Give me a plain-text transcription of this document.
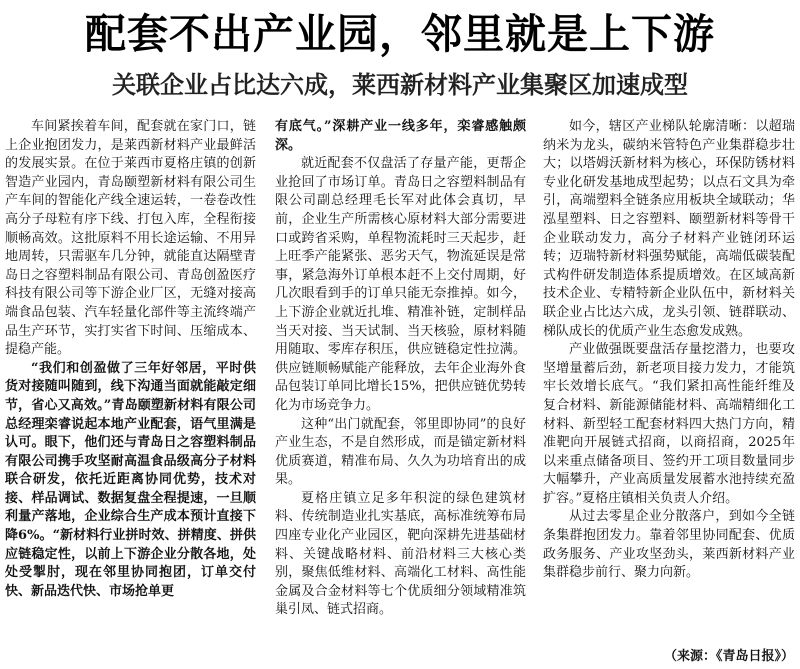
配套不出产业园，邻里就是上下游
关联企业占比达六成，莱西新材料产业集聚区加速成型

车间紧挨着车间，配套就在家门口，链上企业抱团发力，是莱西新材料产业最鲜活的发展实景。在位于莱西市夏格庄镇的创新智造产业园内，青岛颐塑新材料有限公司生产车间的智能化产线全速运转，一卷卷改性高分子母粒有序下线、打包入库，全程衔接顺畅高效。这批原料不用长途运输、不用异地周转，只需驱车几分钟，就能直达隔壁青岛日之容塑料制品有限公司、青岛创盈医疗科技有限公司等下游企业厂区，无缝对接高端食品包装、汽车轻量化部件等主流终端产品生产环节，实打实省下时间、压缩成本、提稳产能。

“我们和创盈做了三年好邻居，平时供货对接随叫随到，线下沟通当面就能敲定细节，省心又高效。”青岛颐塑新材料有限公司总经理栾睿说起本地产业配套，语气里满是认可。眼下，他们还与青岛日之容塑料制品有限公司携手攻坚耐高温食品级高分子材料联合研发，依托近距离协同优势，技术对接、样品调试、数据复盘全程提速，一旦顺利量产落地，企业综合生产成本预计直接下降6%。“新材料行业拼时效、拼精度、拼供应链稳定性，以前上下游企业分散各地，处处受掣肘，现在邻里协同抱团，订单交付快、新品迭代快、市场抢单更

有底气。”深耕产业一线多年，栾睿感触颇深。

就近配套不仅盘活了存量产能，更帮企业抢回了市场订单。青岛日之容塑料制品有限公司副总经理毛长军对此体会真切，早前，企业生产所需核心原材料大部分需要进口或跨省采购，单程物流耗时三天起步，赶上旺季产能紧张、恶劣天气，物流延误是常事，紧急海外订单根本赶不上交付周期，好几次眼看到手的订单只能无奈推掉。如今，上下游企业就近扎堆、精准补链，定制样品当天对接、当天试制、当天核验，原材料随用随取、零库存积压，供应链稳定性拉满。供应链顺畅赋能产能释放，去年企业海外食品包装订单同比增长15%，把供应链优势转化为市场竞争力。

这种“出门就配套，邻里即协同”的良好产业生态，不是自然形成，而是锚定新材料优质赛道，精准布局、久久为功培育出的成果。

夏格庄镇立足多年积淀的绿色建筑材料、传统制造业扎实基底，高标准统筹布局四座专业化产业园区，靶向深耕先进基础材料、关键战略材料、前沿材料三大核心类别，聚焦低维材料、高端化工材料、高性能金属及合金材料等七个优质细分领域精准筑巢引凤、链式招商。

如今，辖区产业梯队轮廓清晰：以超瑞纳米为龙头，碳纳米管特色产业集群稳步壮大；以塔姆沃新材料为核心，环保防锈材料专业化研发基地成型起势；以点石文具为牵引，高端塑料全链条应用板块全域联动；华泓星塑料、日之容塑料、颐塑新材料等骨干企业联动发力，高分子材料产业链闭环运转；迈瑞特新材料强势赋能，高端低碳装配式构件研发制造体系提质增效。在区域高新技术企业、专精特新企业队伍中，新材料关联企业占比达六成，龙头引领、链群联动、梯队成长的优质产业生态愈发成熟。

产业做强既要盘活存量挖潜力，也要攻坚增量蓄后劲，新老项目接力发力，才能筑牢长效增长底气。“我们紧扣高性能纤维及复合材料、新能源储能材料、高端精细化工材料、新型轻工配套材料四大热门方向，精准靶向开展链式招商，以商招商，2025年以来重点储备项目、签约开工项目数量同步大幅攀升，产业高质量发展蓄水池持续充盈扩容。”夏格庄镇相关负责人介绍。

从过去零星企业分散落户，到如今全链条集群抱团发力。靠着邻里协同配套、优质政务服务、产业攻坚劲头，莱西新材料产业集群稳步前行、聚力向新。

（来源：《青岛日报》）
